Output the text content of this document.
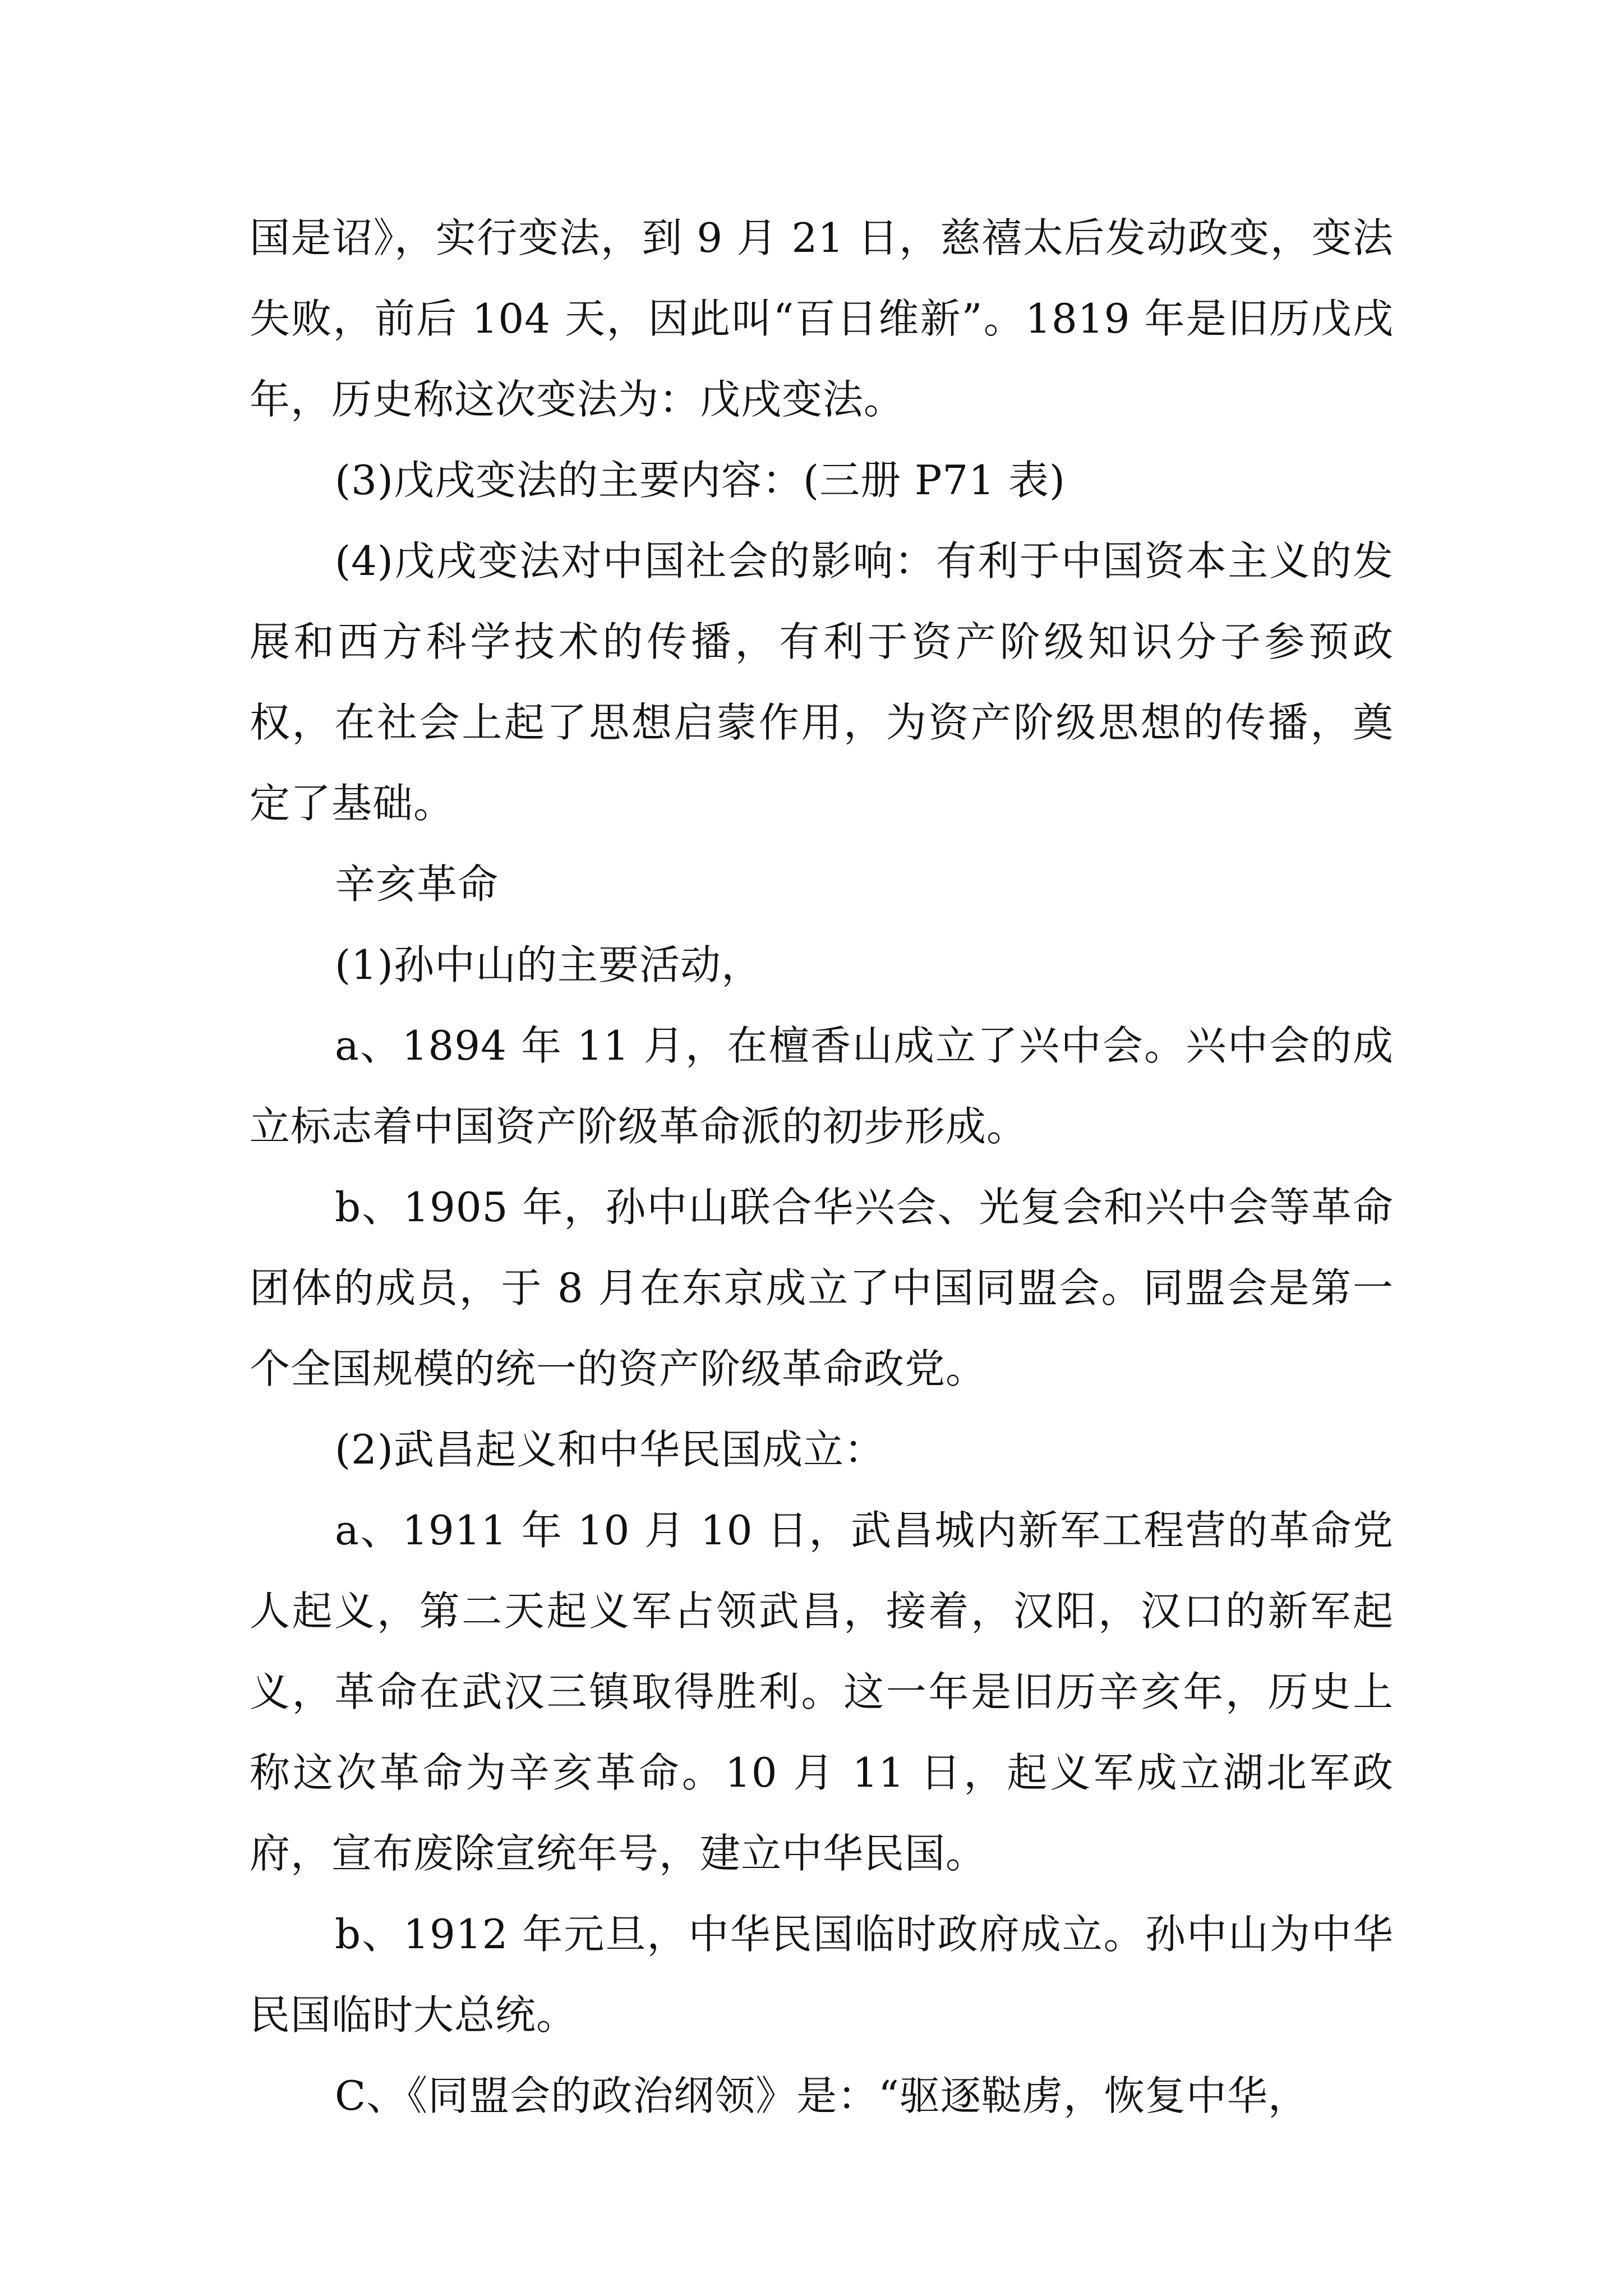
国是诏》，实行变法，到 9 月 21 日，慈禧太后发动政变，变法失败，前后 104 天，因此叫“百日维新”。1819 年是旧历戊戌年，历史称这次变法为：戊戌变法。

(3)戊戌变法的主要内容：(三册 P71 表)

(4)戊戌变法对中国社会的影响：有利于中国资本主义的发展和西方科学技术的传播，有利于资产阶级知识分子参预政权，在社会上起了思想启蒙作用，为资产阶级思想的传播，奠定了基础。

辛亥革命

(1)孙中山的主要活动，

a、1894 年 11 月，在檀香山成立了兴中会。兴中会的成立标志着中国资产阶级革命派的初步形成。

b、1905 年，孙中山联合华兴会、光复会和兴中会等革命团体的成员，于 8 月在东京成立了中国同盟会。同盟会是第一个全国规模的统一的资产阶级革命政党。

(2)武昌起义和中华民国成立：

a、1911 年 10 月 10 日，武昌城内新军工程营的革命党人起义，第二天起义军占领武昌，接着，汉阳，汉口的新军起义，革命在武汉三镇取得胜利。这一年是旧历辛亥年，历史上称这次革命为辛亥革命。10 月 11 日，起义军成立湖北军政府，宣布废除宣统年号，建立中华民国。

b、1912 年元旦，中华民国临时政府成立。孙中山为中华民国临时大总统。

C、《同盟会的政治纲领》是：“驱逐鞑虏，恢复中华，
